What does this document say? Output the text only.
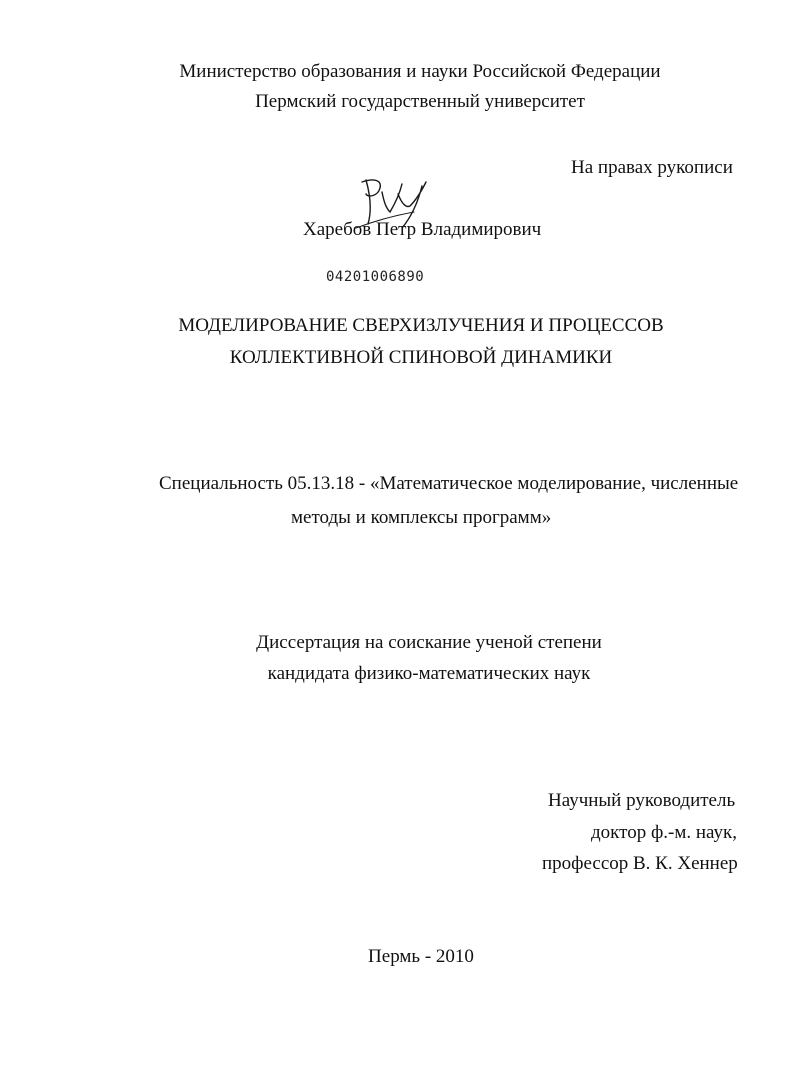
Министерство образования и науки Российской Федерации
Пермский государственный университет
На правах рукописи
Харебов Петр Владимирович
04201006890
МОДЕЛИРОВАНИЕ СВЕРХИЗЛУЧЕНИЯ И ПРОЦЕССОВ
КОЛЛЕКТИВНОЙ СПИНОВОЙ ДИНАМИКИ
Специальность 05.13.18 - «Математическое моделирование, численные
методы и комплексы программ»
Диссертация на соискание ученой степени
кандидата физико-математических наук
Научный руководитель
доктор ф.-м. наук,
профессор В. К. Хеннер
Пермь - 2010
